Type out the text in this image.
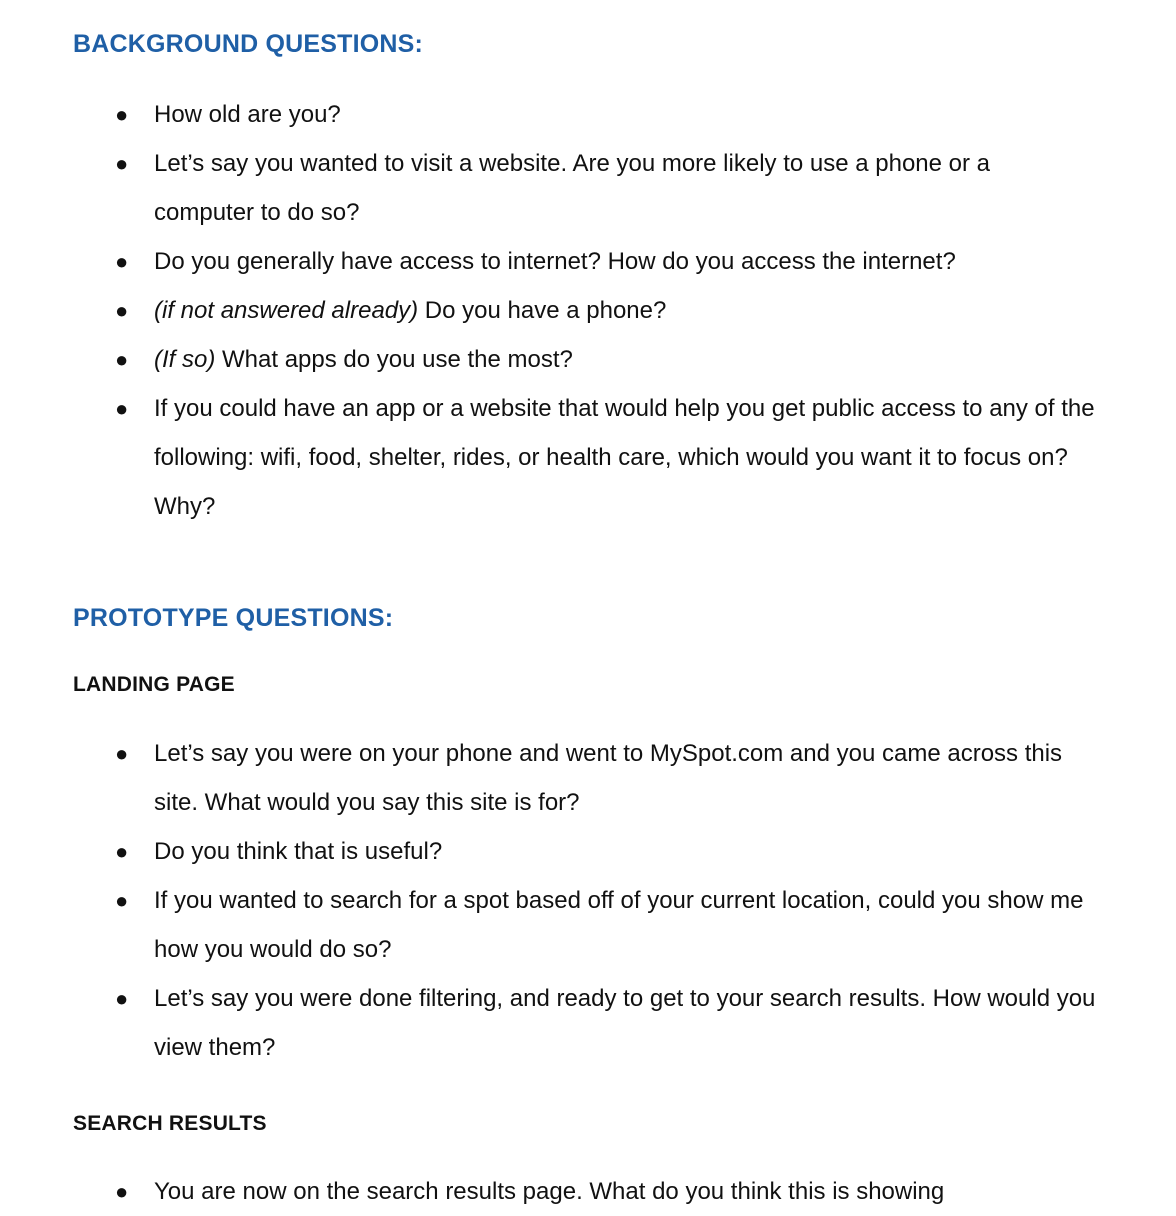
BACKGROUND QUESTIONS:
● How old are you?
● Let’s say you wanted to visit a website. Are you more likely to use a phone or a computer to do so?
● Do you generally have access to internet? How do you access the internet?
● (if not answered already) Do you have a phone?
● (If so) What apps do you use the most?
● If you could have an app or a website that would help you get public access to any of the following: wifi, food, shelter, rides, or health care, which would you want it to focus on? Why?
PROTOTYPE QUESTIONS:
LANDING PAGE
● Let’s say you were on your phone and went to MySpot.com and you came across this site. What would you say this site is for?
● Do you think that is useful?
● If you wanted to search for a spot based off of your current location, could you show me how you would do so?
● Let’s say you were done filtering, and ready to get to your search results. How would you view them?
SEARCH RESULTS
● You are now on the search results page. What do you think this is showing
